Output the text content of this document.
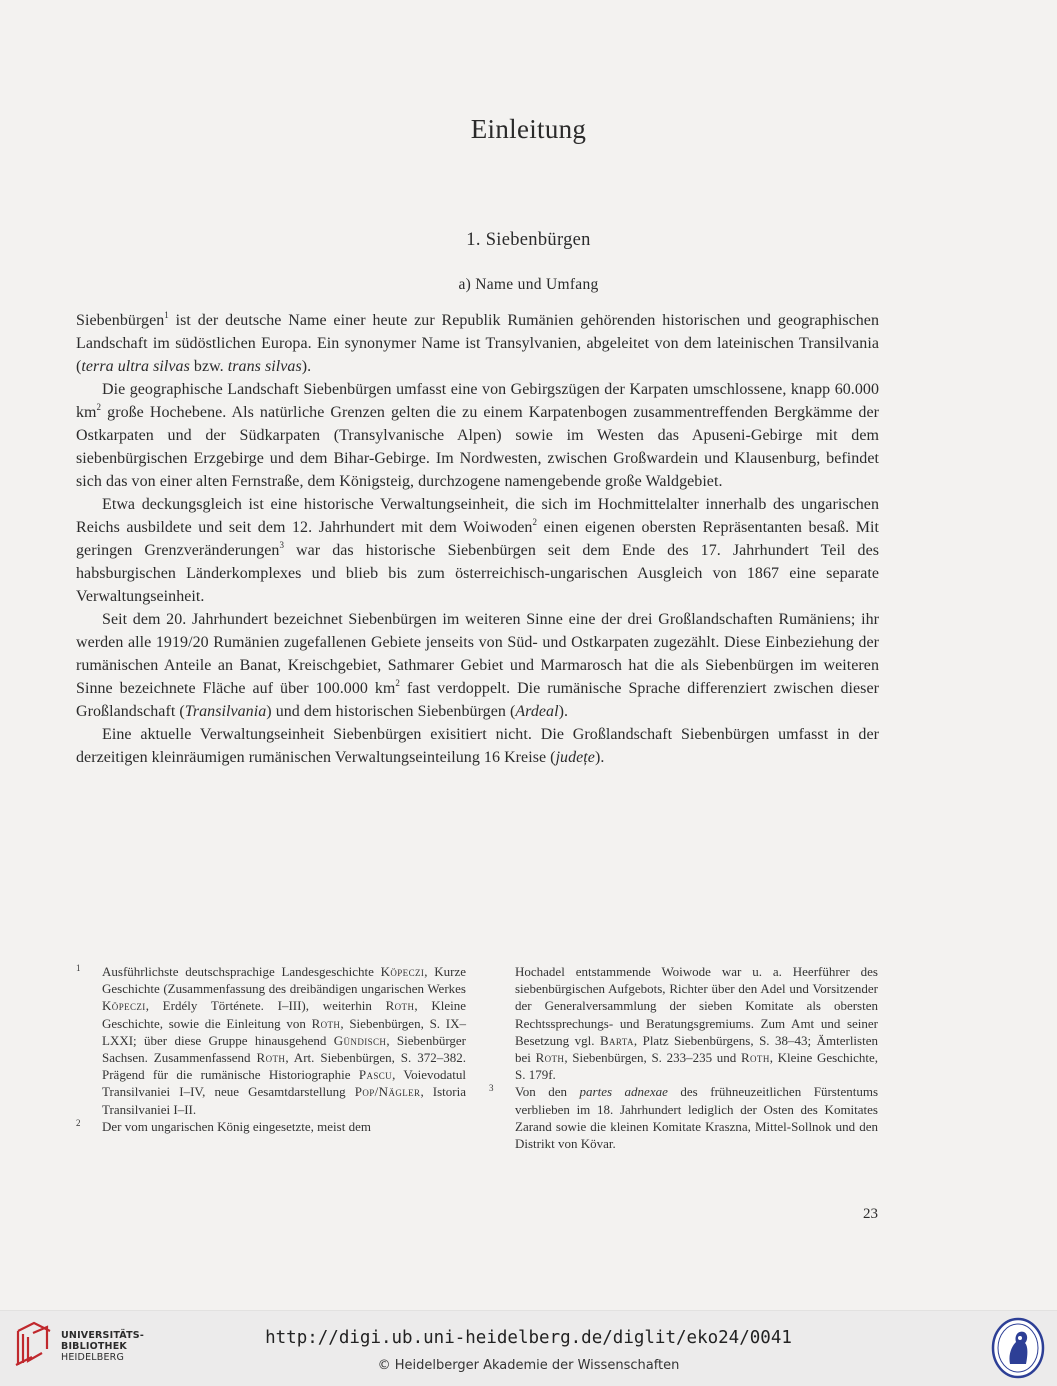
Einleitung
1. Siebenbürgen
a) Name und Umfang

Siebenbürgen$^1$ ist der deutsche Name einer heute zur Republik Rumänien gehörenden historischen und geographischen Landschaft im südöstlichen Europa. Ein synonymer Name ist Transylvanien, abgeleitet von dem lateinischen Transilvania (terra ultra silvas bzw. trans silvas).

Die geographische Landschaft Siebenbürgen umfasst eine von Gebirgszügen der Karpaten umschlossene, knapp 60.000 $km^2$ große Hochebene. Als natürliche Grenzen gelten die zu einem Karpatenbogen zusammentreffenden Bergkämme der Ostkarpaten und der Südkarpaten (Transylvanische Alpen) sowie im Westen das Apuseni-Gebirge mit dem siebenbürgischen Erzgebirge und dem Bihar-Gebirge. Im Nordwesten, zwischen Großwardein und Klausenburg, befindet sich das von einer alten Fernstraße, dem Königsteig, durchzogene namengebende große Waldgebiet.

Etwa deckungsgleich ist eine historische Verwaltungseinheit, die sich im Hochmittelalter innerhalb des ungarischen Reichs ausbildete und seit dem 12. Jahrhundert mit dem Woiwoden$^2$ einen eigenen obersten Repräsentanten besaß. Mit geringen Grenzveränderungen$^3$ war das historische Siebenbürgen seit dem Ende des 17. Jahrhundert Teil des habsburgischen Länderkomplexes und blieb bis zum österreichisch-ungarischen Ausgleich von 1867 eine separate Verwaltungseinheit.

Seit dem 20. Jahrhundert bezeichnet Siebenbürgen im weiteren Sinne eine der drei Großlandschaften Rumäniens; ihr werden alle 1919/20 Rumänien zugefallenen Gebiete jenseits von Süd- und Ostkarpaten zugezählt. Diese Einbeziehung der rumänischen Anteile an Banat, Kreischgebiet, Sathmarer Gebiet und Marmarosch hat die als Siebenbürgen im weiteren Sinne bezeichnete Fläche auf über 100.000 $km^2$ fast verdoppelt. Die rumänische Sprache differenziert zwischen dieser Großlandschaft (Transilvania) und dem historischen Siebenbürgen (Ardeal).

Eine aktuelle Verwaltungseinheit Siebenbürgen exisitiert nicht. Die Großlandschaft Siebenbürgen umfasst in der derzeitigen kleinräumigen rumänischen Verwaltungseinteilung 16 Kreise (județe).

1 Ausführlichste deutschsprachige Landesgeschichte Köpeczi, Kurze Geschichte (Zusammenfassung des dreibändigen ungarischen Werkes Köpeczi, Erdély Története. I–III), weiterhin Roth, Kleine Geschichte, sowie die Einleitung von Roth, Siebenbürgen, S. IX–LXXI; über diese Gruppe hinausgehend Gündisch, Siebenbürger Sachsen. Zusammenfassend Roth, Art. Siebenbürgen, S. 372–382. Prägend für die rumänische Historiographie Pascu, Voievodatul Transilvaniei I–IV, neue Gesamtdarstellung Pop/Nägler, Istoria Transilvaniei I–II.

2 Der vom ungarischen König eingesetzte, meist dem

Hochadel entstammende Woiwode war u. a. Heerführer des siebenbürgischen Aufgebots, Richter über den Adel und Vorsitzender der Generalversammlung der sieben Komitate als obersten Rechtssprechungs- und Beratungsgremiums. Zum Amt und seiner Besetzung vgl. Barta, Platz Siebenbürgens, S. 38–43; Ämterlisten bei Roth, Siebenbürgen, S. 233–235 und Roth, Kleine Geschichte, S. 179f.

3 Von den partes adnexae des frühneuzeitlichen Fürstentums verblieben im 18. Jahrhundert lediglich der Osten des Komitates Zarand sowie die kleinen Komitate Kraszna, Mittel-Sollnok und den Distrikt von Kövar.

23
UNIVERSITÄTS-
BIBLIOTHEK
HEIDELBERG
http://digi.ub.uni-heidelberg.de/diglit/eko24/0041
© Heidelberger Akademie der Wissenschaften
